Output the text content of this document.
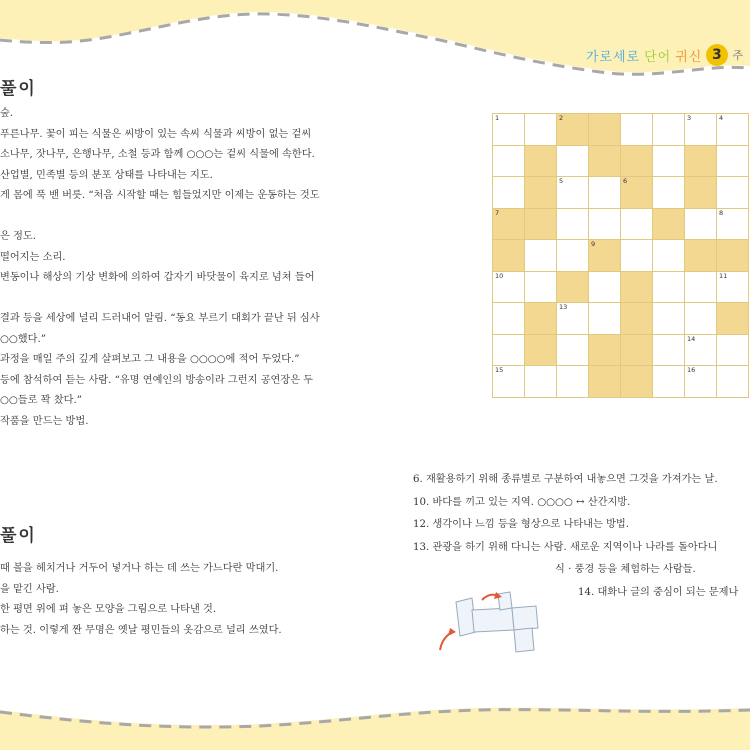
가로세로 단어 귀신 3 주
풀이
숲.
푸른나무. 꽃이 피는 식물은 씨방이 있는 속씨 식물과 씨방이 없는 겉씨
소나무, 잣나무, 은행나무, 소철 등과 함께 ○○○는 겉씨 식물에 속한다.
산업별, 민족별 등의 분포 상태를 나타내는 지도.
게 몸에 푹 밴 버릇. “처음 시작할 때는 힘들었지만 이제는 운동하는 것도
은 정도.
떨어지는 소리.
변동이나 해상의 기상 변화에 의하여 갑자기 바닷물이 육지로 넘쳐 들어
결과 등을 세상에 널리 드러내어 알림. “동요 부르기 대회가 끝난 뒤 심사
○○했다.”
과정을 매일 주의 깊게 살펴보고 그 내용을 ○○○○에 적어 두었다.”
등에 참석하여 듣는 사람. “유명 연예인의 방송이라 그런지 공연장은 두
○○들로 꽉 찼다.”
작품을 만드는 방법.
풀이
때 볼을 헤치거나 거두어 넣거나 하는 데 쓰는 가느다란 막대기.
을 맡긴 사람.
한 평면 위에 펴 놓은 모양을 그림으로 나타낸 것.
하는 것. 이렇게 짠 무명은 옛날 평민들의 옷감으로 널리 쓰였다.
1	2	3	4
5	6
7	8
9
10	11
13
14
15	16
6. 재활용하기 위해 종류별로 구분하여 내놓으면 그것을 가져가는 날.
10. 바다를 끼고 있는 지역. ○○○○ ↔ 산간지방.
12. 생각이나 느낌 등을 형상으로 나타내는 방법.
13. 관광을 하기 위해 다니는 사람. 새로운 지역이나 나라를 돌아다니
식 · 풍경 등을 체험하는 사람들.
14. 대화나 글의 중심이 되는 문제나
